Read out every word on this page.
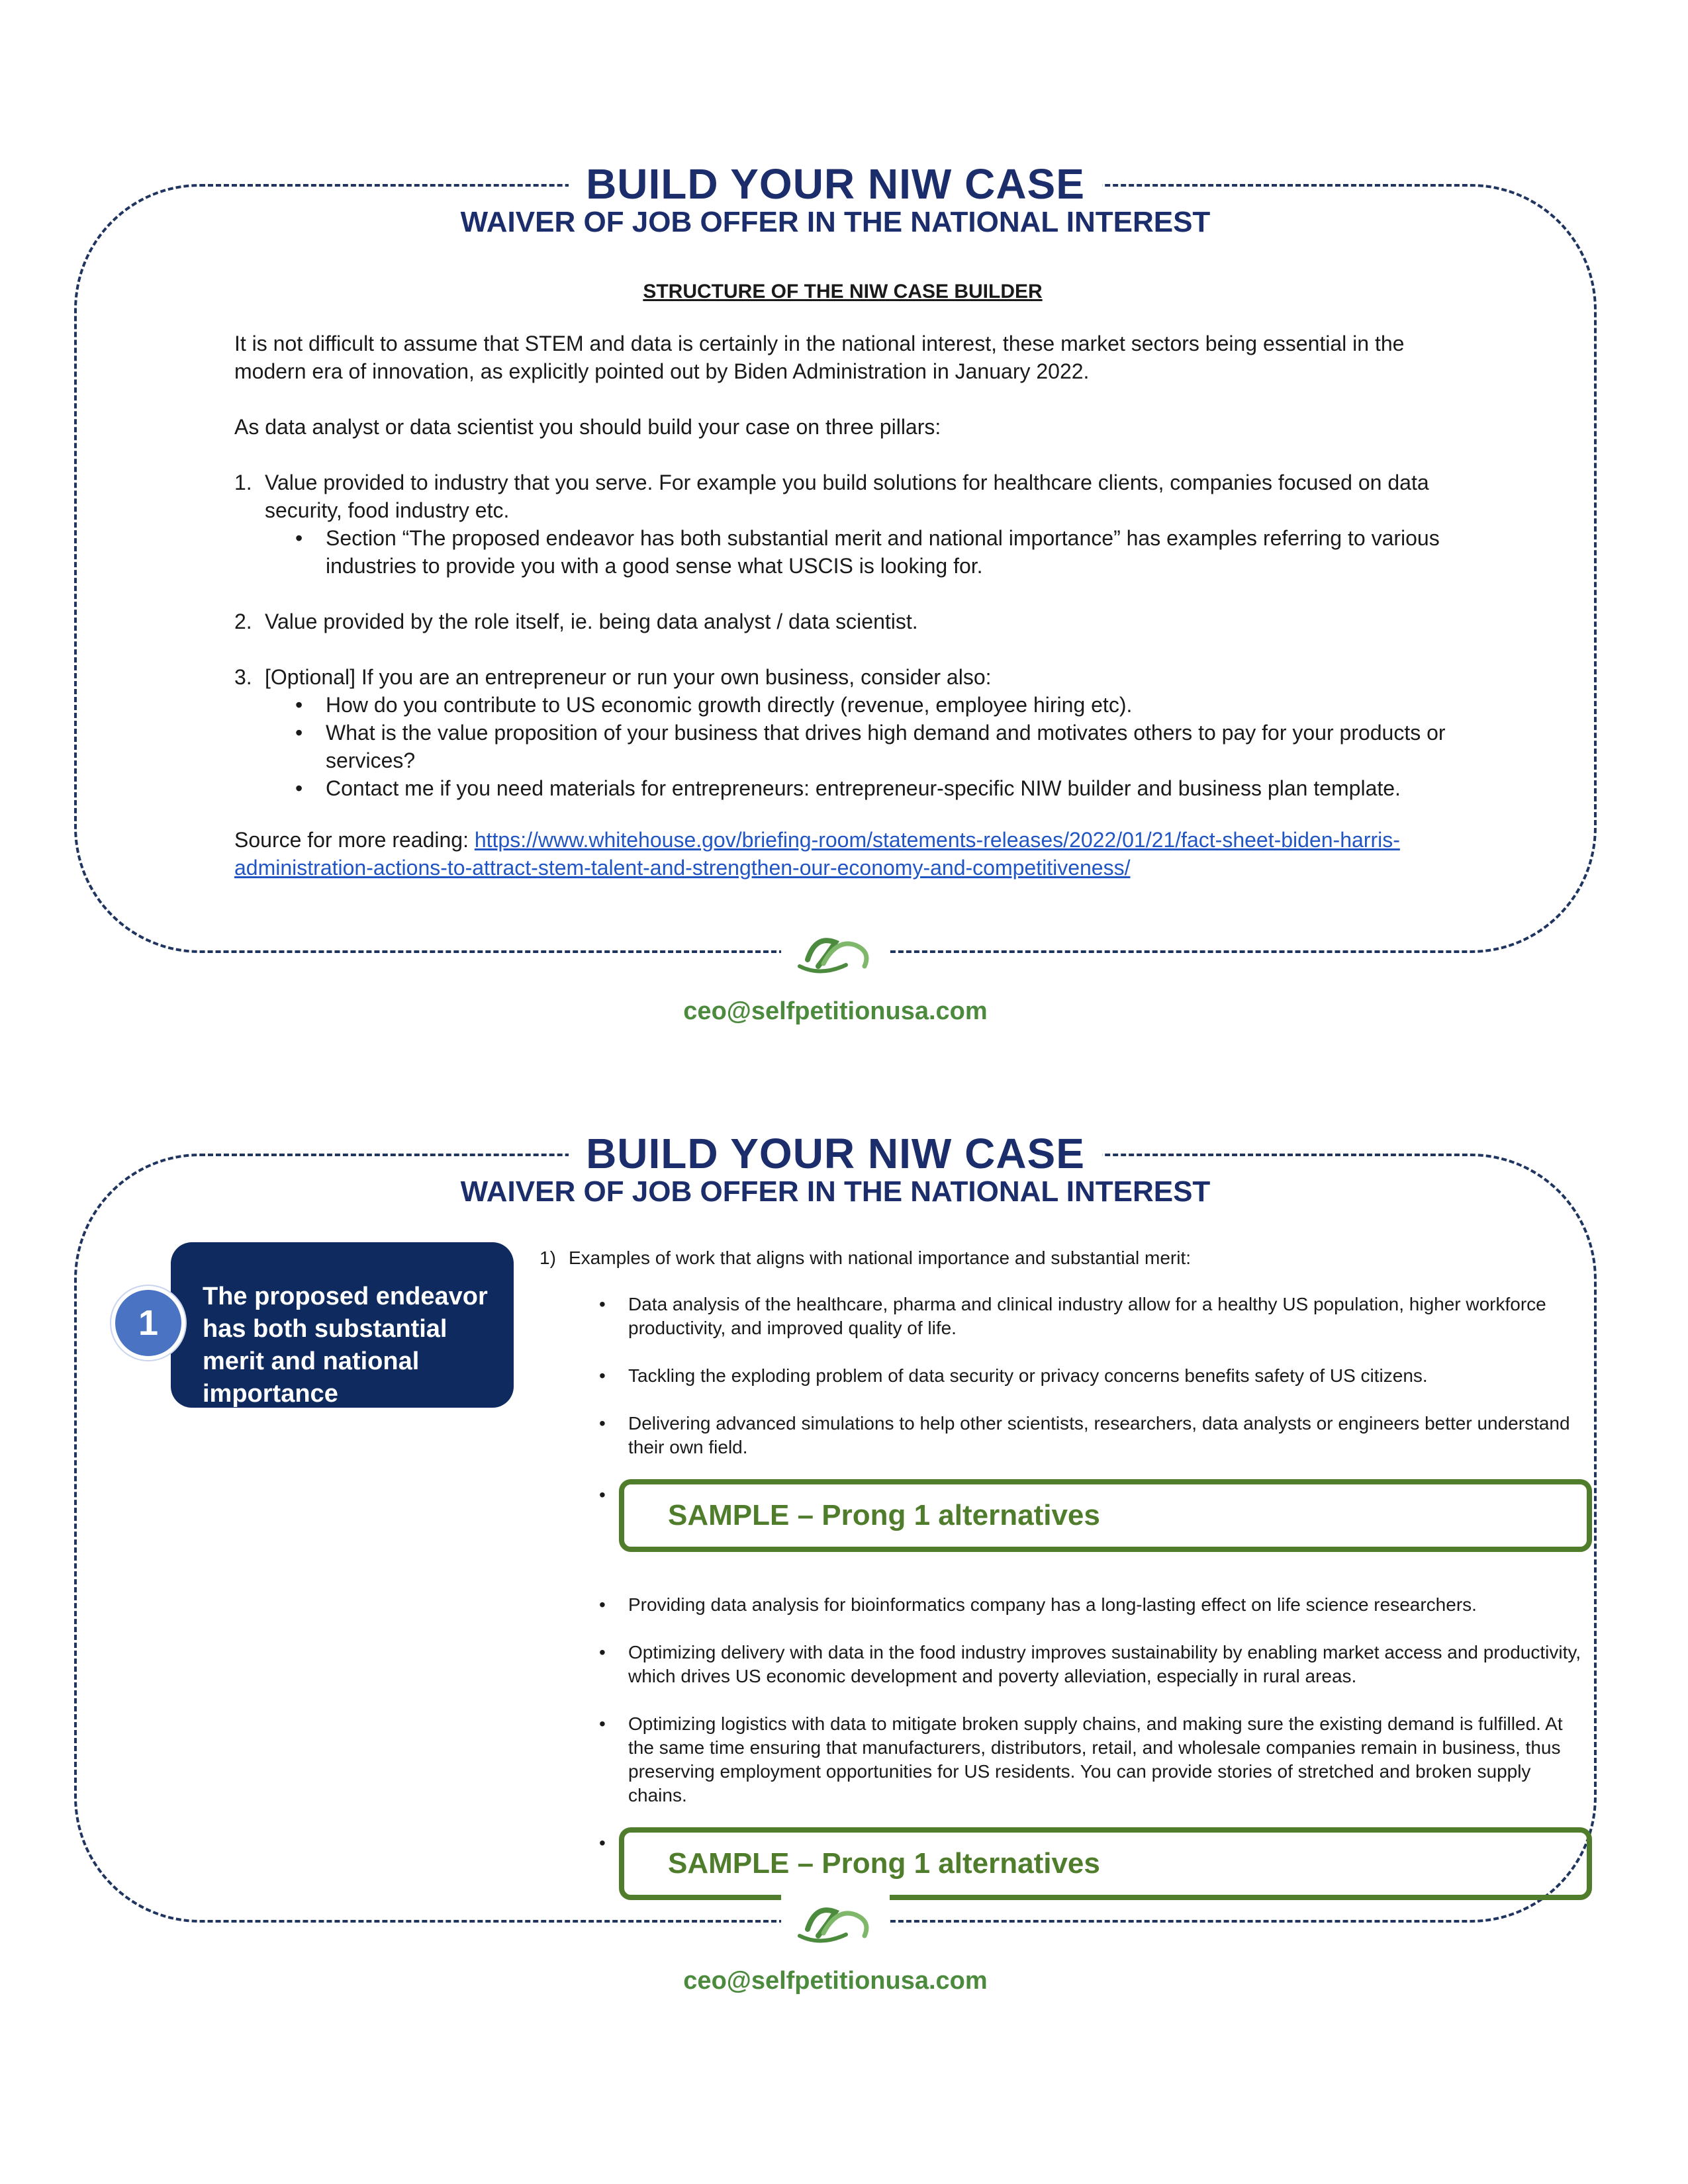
BUILD YOUR NIW CASE
WAIVER OF JOB OFFER IN THE NATIONAL INTEREST
STRUCTURE OF THE NIW CASE BUILDER

It is not difficult to assume that STEM and data is certainly in the national interest, these market sectors being essential in the modern era of innovation, as explicitly pointed out by Biden Administration in January 2022.

As data analyst or data scientist you should build your case on three pillars:

1. Value provided to industry that you serve. For example you build solutions for healthcare clients, companies focused on data security, food industry etc.
• Section “The proposed endeavor has both substantial merit and national importance” has examples referring to various industries to provide you with a good sense what USCIS is looking for.
2. Value provided by the role itself, ie. being data analyst / data scientist.
3. [Optional] If you are an entrepreneur or run your own business, consider also:
• How do you contribute to US economic growth directly (revenue, employee hiring etc).
• What is the value proposition of your business that drives high demand and motivates others to pay for your products or services?
• Contact me if you need materials for entrepreneurs: entrepreneur-specific NIW builder and business plan template.
Source for more reading: https://www.whitehouse.gov/briefing-room/statements-releases/2022/01/21/fact-sheet-biden-harris-administration-actions-to-attract-stem-talent-and-strengthen-our-economy-and-competitiveness/
ceo@selfpetitionusa.com
BUILD YOUR NIW CASE
WAIVER OF JOB OFFER IN THE NATIONAL INTEREST
The proposed endeavor has both substantial merit and national importance
1
1) Examples of work that aligns with national importance and substantial merit:
• Data analysis of the healthcare, pharma and clinical industry allow for a healthy US population, higher workforce productivity, and improved quality of life.
• Tackling the exploding problem of data security or privacy concerns benefits safety of US citizens.
• Delivering advanced simulations to help other scientists, researchers, data analysts or engineers better understand their own field.
• SAMPLE – Prong 1 alternatives
• Providing data analysis for bioinformatics company has a long-lasting effect on life science researchers.
• Optimizing delivery with data in the food industry improves sustainability by enabling market access and productivity, which drives US economic development and poverty alleviation, especially in rural areas.
• Optimizing logistics with data to mitigate broken supply chains, and making sure the existing demand is fulfilled. At the same time ensuring that manufacturers, distributors, retail, and wholesale companies remain in business, thus preserving employment opportunities for US residents. You can provide stories of stretched and broken supply chains.
• SAMPLE – Prong 1 alternatives
ceo@selfpetitionusa.com
